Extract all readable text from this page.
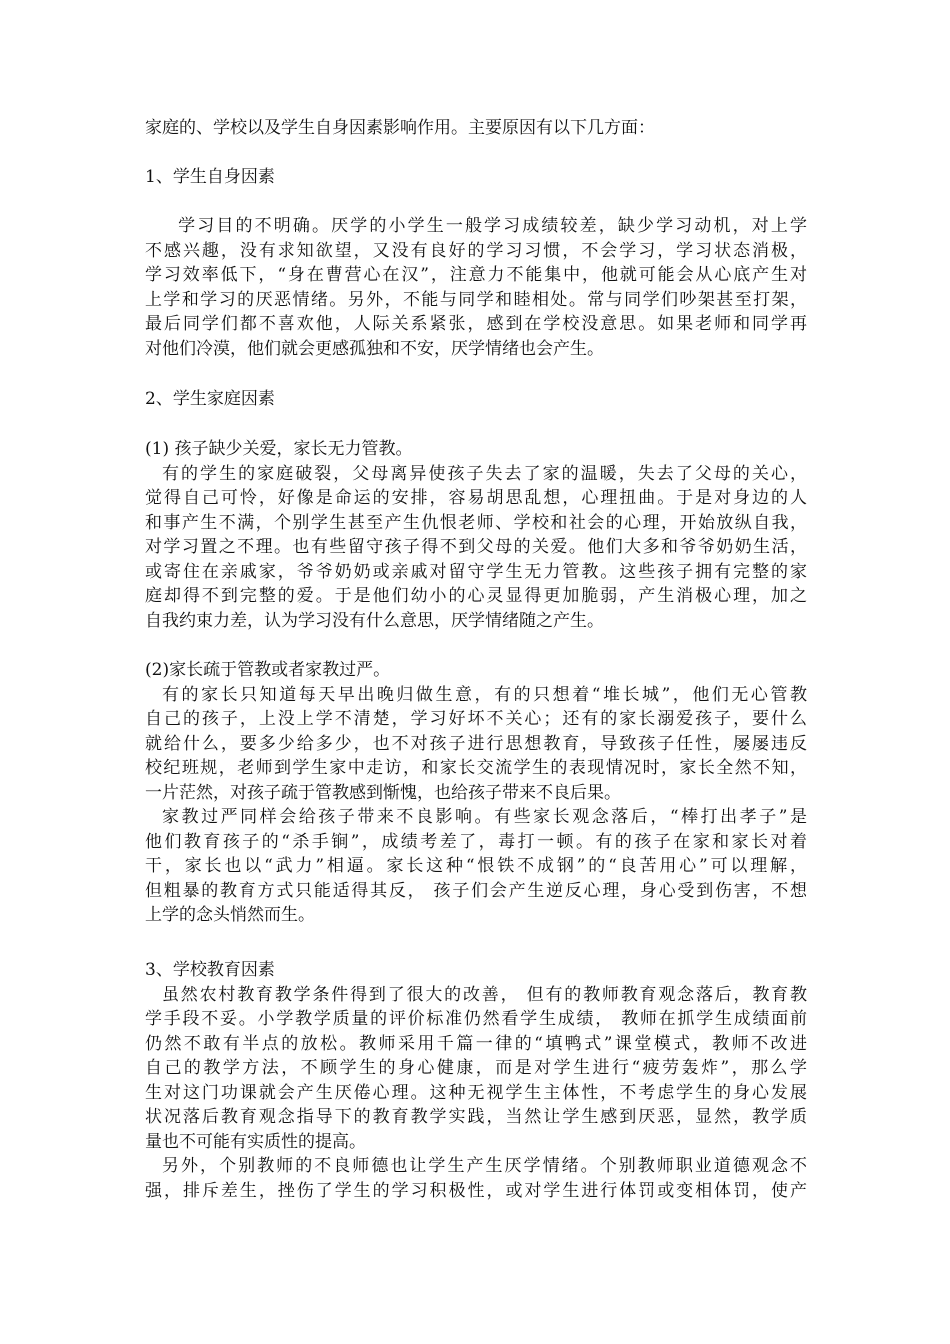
家庭的、学校以及学生自身因素影响作用。主要原因有以下几方面：
1、学生自身因素
　学习目的不明确。厌学的小学生一般学习成绩较差，缺少学习动机，对上学
不感兴趣，没有求知欲望，又没有良好的学习习惯，不会学习，学习状态消极，
学习效率低下，“身在曹营心在汉”，注意力不能集中，他就可能会从心底产生对
上学和学习的厌恶情绪。另外，不能与同学和睦相处。常与同学们吵架甚至打架，
最后同学们都不喜欢他，人际关系紧张，感到在学校没意思。如果老师和同学再
对他们冷漠，他们就会更感孤独和不安，厌学情绪也会产生。
2、学生家庭因素
(1) 孩子缺少关爱，家长无力管教。
有的学生的家庭破裂，父母离异使孩子失去了家的温暖，失去了父母的关心，
觉得自己可怜，好像是命运的安排，容易胡思乱想，心理扭曲。于是对身边的人
和事产生不满，个别学生甚至产生仇恨老师、学校和社会的心理，开始放纵自我，
对学习置之不理。也有些留守孩子得不到父母的关爱。他们大多和爷爷奶奶生活，
或寄住在亲戚家，爷爷奶奶或亲戚对留守学生无力管教。这些孩子拥有完整的家
庭却得不到完整的爱。于是他们幼小的心灵显得更加脆弱，产生消极心理，加之
自我约束力差，认为学习没有什么意思，厌学情绪随之产生。
(2)家长疏于管教或者家教过严。
有的家长只知道每天早出晚归做生意，有的只想着“堆长城”，他们无心管教
自己的孩子，上没上学不清楚，学习好坏不关心；还有的家长溺爱孩子，要什么
就给什么，要多少给多少，也不对孩子进行思想教育，导致孩子任性，屡屡违反
校纪班规，老师到学生家中走访，和家长交流学生的表现情况时，家长全然不知，
一片茫然，对孩子疏于管教感到惭愧，也给孩子带来不良后果。
家教过严同样会给孩子带来不良影响。有些家长观念落后，“棒打出孝子”是
他们教育孩子的“杀手锏”，成绩考差了，毒打一顿。有的孩子在家和家长对着
干，家长也以“武力”相逼。家长这种“恨铁不成钢”的“良苦用心”可以理解，
但粗暴的教育方式只能适得其反， 孩子们会产生逆反心理，身心受到伤害，不想
上学的念头悄然而生。
3、学校教育因素
虽然农村教育教学条件得到了很大的改善， 但有的教师教育观念落后，教育教
学手段不妥。小学教学质量的评价标准仍然看学生成绩， 教师在抓学生成绩面前
仍然不敢有半点的放松。教师采用千篇一律的“填鸭式”课堂模式，教师不改进
自己的教学方法，不顾学生的身心健康，而是对学生进行“疲劳轰炸”，那么学
生对这门功课就会产生厌倦心理。这种无视学生主体性，不考虑学生的身心发展
状况落后教育观念指导下的教育教学实践，当然让学生感到厌恶，显然，教学质
量也不可能有实质性的提高。
另外，个别教师的不良师德也让学生产生厌学情绪。个别教师职业道德观念不
强，排斥差生，挫伤了学生的学习积极性，或对学生进行体罚或变相体罚，使产
